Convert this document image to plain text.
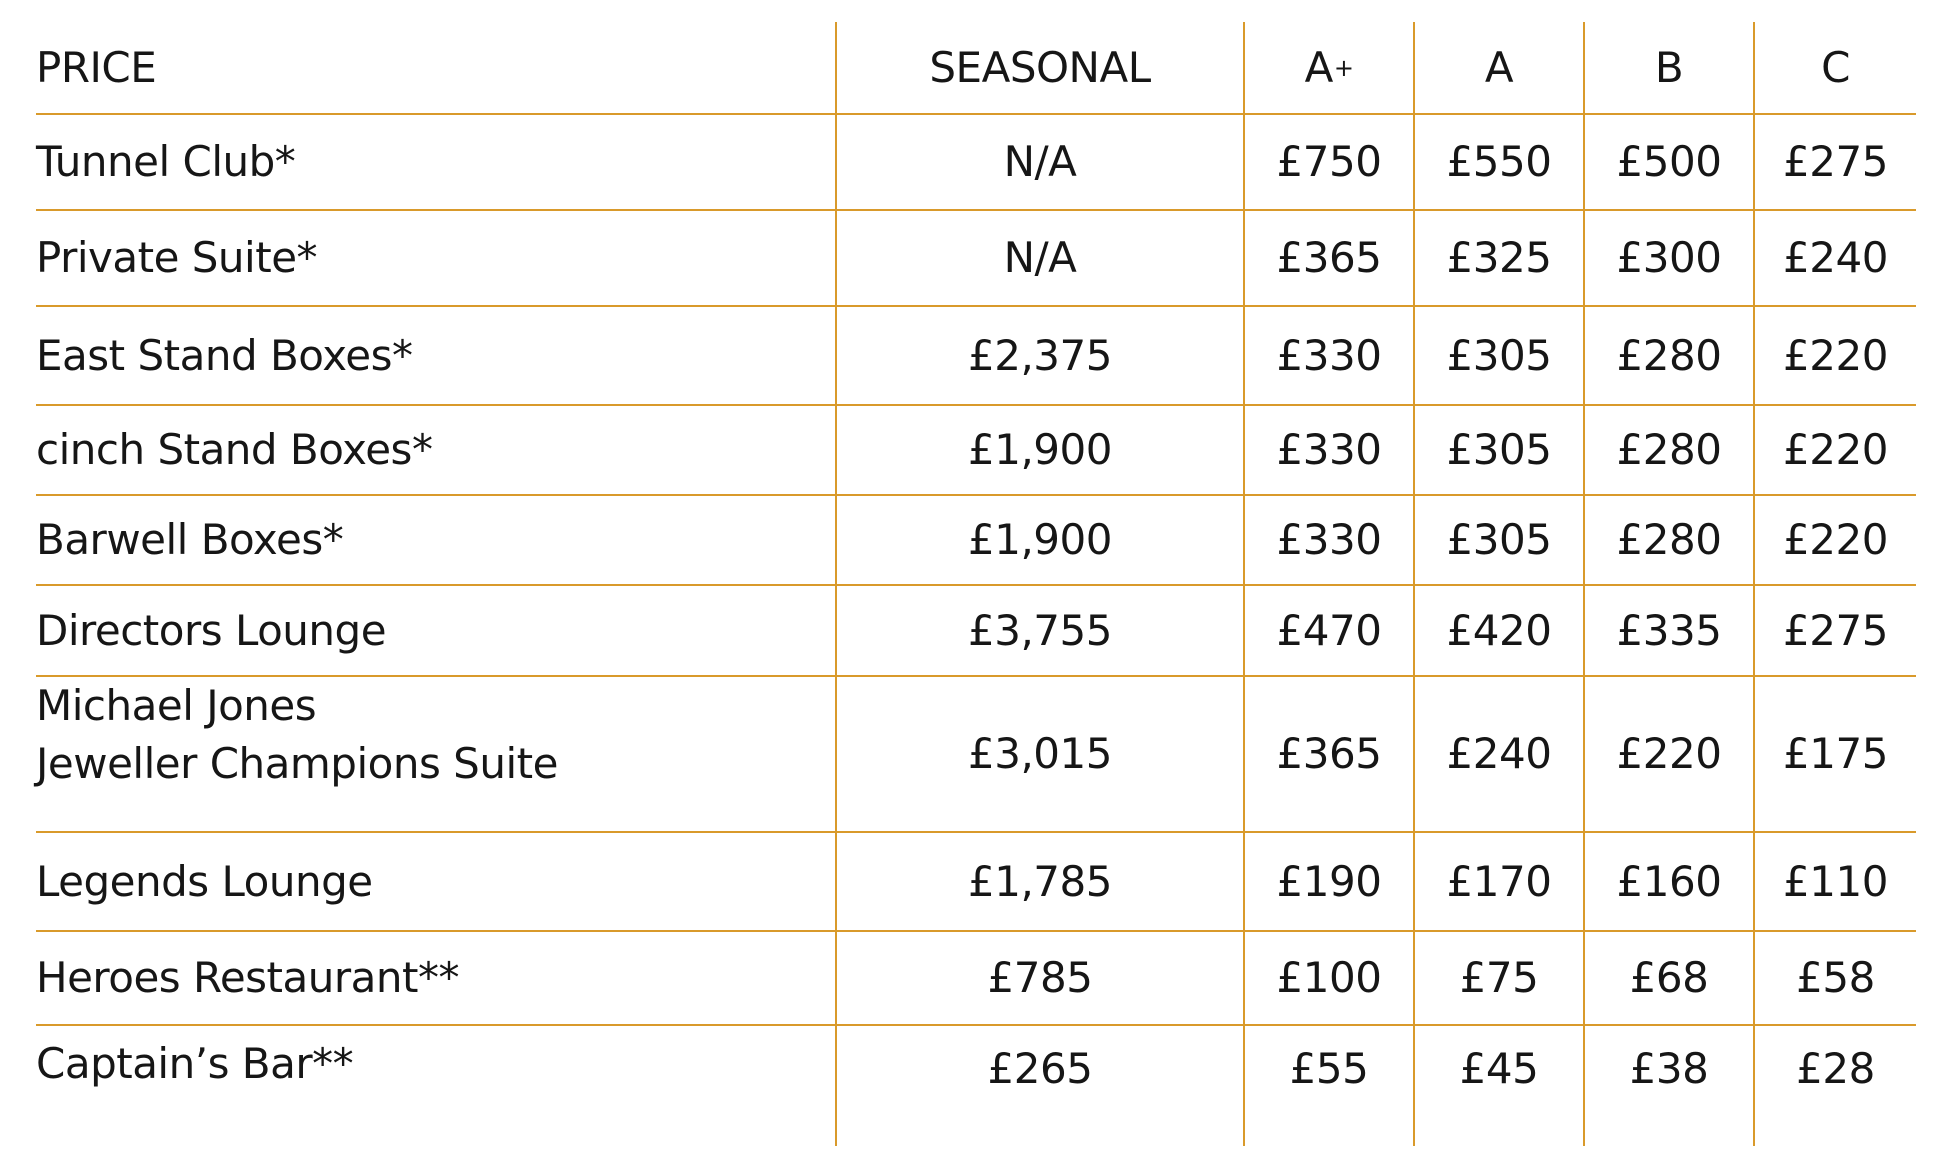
PRICE	SEASONAL	A +	A	B	C
Tunnel Club*	N/A	£750	£550	£500	£275
Private Suite*	N/A	£365	£325	£300	£240
East Stand Boxes*	£2,375	£330	£305	£280	£220
cinch Stand Boxes*	£1,900	£330	£305	£280	£220
Barwell Boxes*	£1,900	£330	£305	£280	£220
Directors Lounge	£3,755	£470	£420	£335	£275
Michael Jones
Jeweller Champions Suite	£3,015	£365	£240	£220	£175
Legends Lounge	£1,785	£190	£170	£160	£110
Heroes Restaurant**	£785	£100	£75	£68	£58
Captain’s Bar**	£265	£55	£45	£38	£28
